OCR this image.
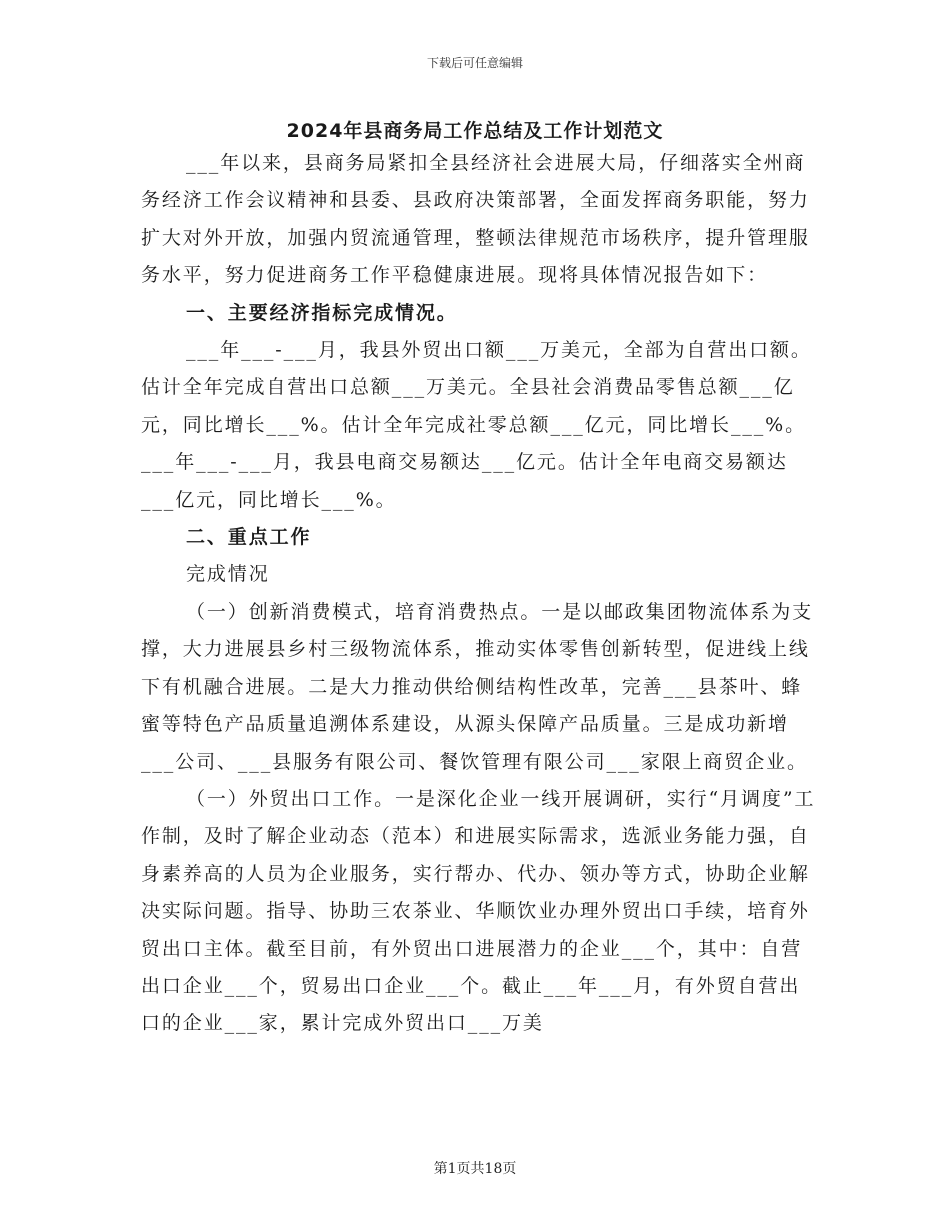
下载后可任意编辑
2024年县商务局工作总结及工作计划范文

___年以来，县商务局紧扣全县经济社会进展大局，仔细落实全州商务经济工作会议精神和县委、县政府决策部署，全面发挥商务职能，努力扩大对外开放，加强内贸流通管理，整顿法律规范市场秩序，提升管理服务水平，努力促进商务工作平稳健康进展。现将具体情况报告如下：

一、主要经济指标完成情况。

___年___-___月，我县外贸出口额___万美元，全部为自营出口额。估计全年完成自营出口总额___万美元。全县社会消费品零售总额___亿元，同比增长___%。估计全年完成社零总额___亿元，同比增长___%。___年___-___月，我县电商交易额达___亿元。估计全年电商交易额达___亿元，同比增长___%。

二、重点工作

完成情况

（一）创新消费模式，培育消费热点。一是以邮政集团物流体系为支撑，大力进展县乡村三级物流体系，推动实体零售创新转型，促进线上线下有机融合进展。二是大力推动供给侧结构性改革，完善___县茶叶、蜂蜜等特色产品质量追溯体系建设，从源头保障产品质量。三是成功新增___公司、___县服务有限公司、餐饮管理有限公司___家限上商贸企业。

（一）外贸出口工作。一是深化企业一线开展调研，实行“月调度”工作制，及时了解企业动态（范本）和进展实际需求，选派业务能力强，自身素养高的人员为企业服务，实行帮办、代办、领办等方式，协助企业解决实际问题。指导、协助三农茶业、华顺饮业办理外贸出口手续，培育外贸出口主体。截至目前，有外贸出口进展潜力的企业___个，其中：自营出口企业___个，贸易出口企业___个。截止___年___月，有外贸自营出口的企业___家，累计完成外贸出口___万美

第1页共18页
